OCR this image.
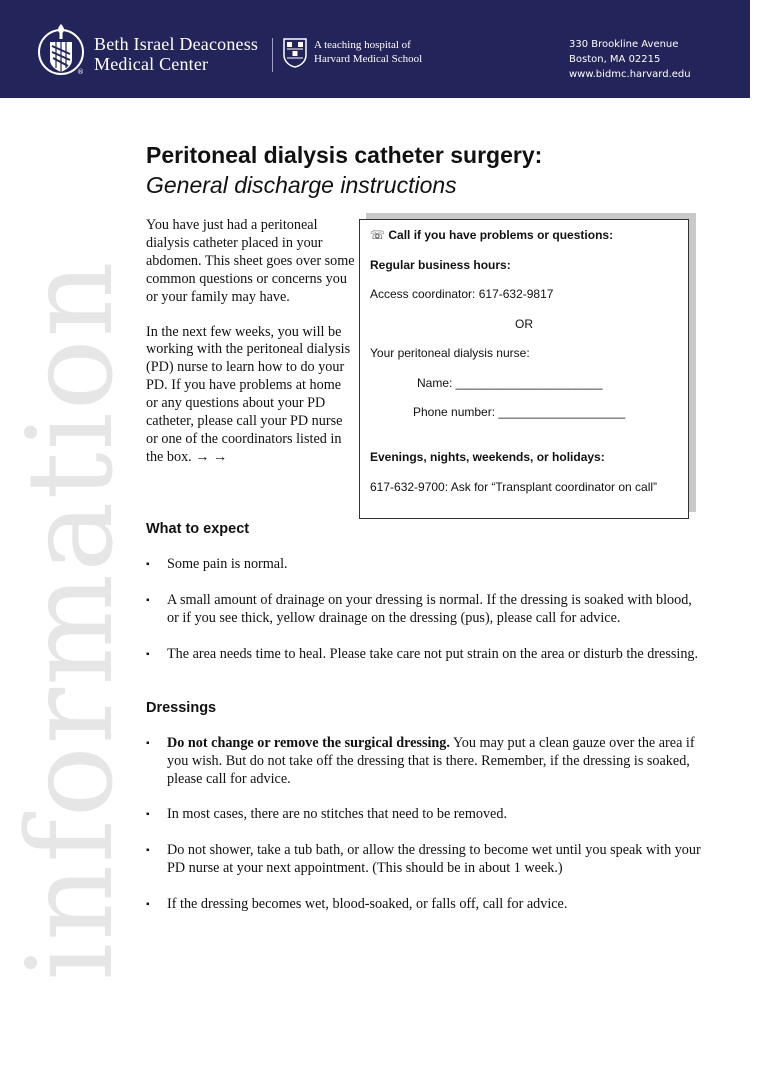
Beth Israel Deaconess
Medical Center
®
A teaching hospital of
Harvard Medical School
330 Brookline Avenue
Boston, MA 02215
www.bidmc.harvard.edu
information
Peritoneal dialysis catheter surgery:
General discharge instructions

You have just had a peritoneal dialysis catheter placed in your abdomen. This sheet goes over some common questions or concerns you or your family may have.

In the next few weeks, you will be working with the peritoneal dialysis (PD) nurse to learn how to do your PD. If you have problems at home or any questions about your PD catheter, please call your PD nurse or one of the coordinators listed in the box. → →

☏ Call if you have problems or questions:
Regular business hours:
Access coordinator: 617-632-9817
OR
Your peritoneal dialysis nurse:
Name: ______________________
Phone number: ___________________
Evenings, nights, weekends, or holidays:
617-632-9700: Ask for “Transplant coordinator on call”
What to expect
▪ Some pain is normal.
▪ A small amount of drainage on your dressing is normal. If the dressing is soaked with blood, or if you see thick, yellow drainage on the dressing (pus), please call for advice.
▪ The area needs time to heal. Please take care not put strain on the area or disturb the dressing.
Dressings
▪ Do not change or remove the surgical dressing. You may put a clean gauze over the area if you wish. But do not take off the dressing that is there. Remember, if the dressing is soaked, please call for advice.
▪ In most cases, there are no stitches that need to be removed.
▪ Do not shower, take a tub bath, or allow the dressing to become wet until you speak with your PD nurse at your next appointment. (This should be in about 1 week.)
▪ If the dressing becomes wet, blood-soaked, or falls off, call for advice.
